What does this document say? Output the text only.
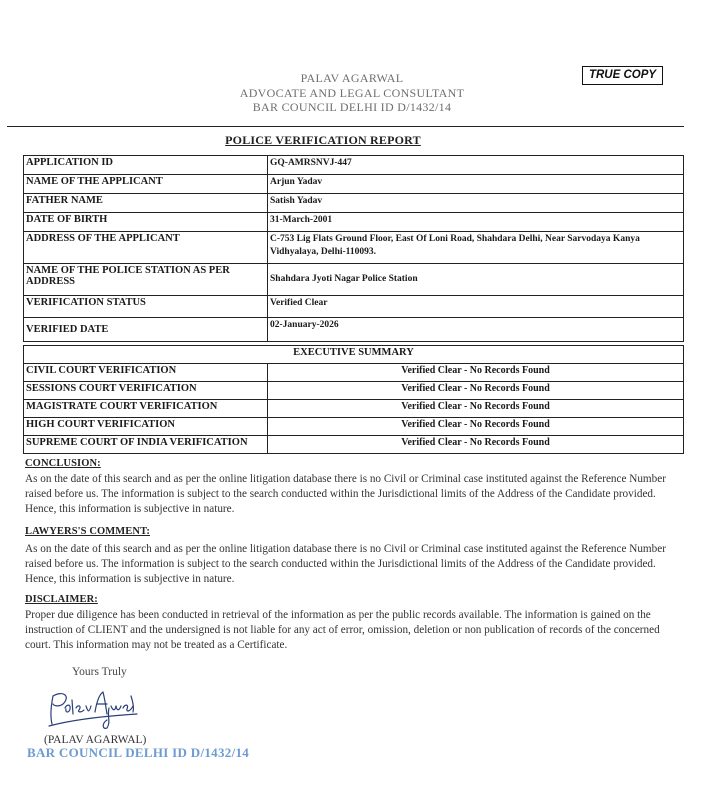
TRUE COPY
PALAV AGARWAL
ADVOCATE AND LEGAL CONSULTANT
BAR COUNCIL DELHI ID D/1432/14
POLICE VERIFICATION REPORT
APPLICATION ID	GQ-AMRSNVJ-447
NAME OF THE APPLICANT	Arjun Yadav
FATHER NAME	Satish Yadav
DATE OF BIRTH	31-March-2001
ADDRESS OF THE APPLICANT	C-753 Lig Flats Ground Floor, East Of Loni Road, Shahdara Delhi, Near Sarvodaya Kanya Vidhyalaya, Delhi-110093.
NAME OF THE POLICE STATION AS PER ADDRESS	Shahdara Jyoti Nagar Police Station
VERIFICATION STATUS	Verified Clear
VERIFIED DATE	02-January-2026
EXECUTIVE SUMMARY	
CIVIL COURT VERIFICATION	Verified Clear - No Records Found
SESSIONS COURT VERIFICATION	Verified Clear - No Records Found
MAGISTRATE COURT VERIFICATION	Verified Clear - No Records Found
HIGH COURT VERIFICATION	Verified Clear - No Records Found
SUPREME COURT OF INDIA VERIFICATION	Verified Clear - No Records Found
CONCLUSION:
As on the date of this search and as per the online litigation database there is no Civil or Criminal case instituted against the Reference Number raised before us. The information is subject to the search conducted within the Jurisdictional limits of the Address of the Candidate provided. Hence, this information is subjective in nature.
LAWYERS'S COMMENT:
As on the date of this search and as per the online litigation database there is no Civil or Criminal case instituted against the Reference Number raised before us. The information is subject to the search conducted within the Jurisdictional limits of the Address of the Candidate provided. Hence, this information is subjective in nature.
DISCLAIMER:
Proper due diligence has been conducted in retrieval of the information as per the public records available. The information is gained on the instruction of CLIENT and the undersigned is not liable for any act of error, omission, deletion or non publication of records of the concerned court. This information may not be treated as a Certificate.
Yours Truly
(PALAV AGARWAL)
BAR COUNCIL DELHI ID D/1432/14
